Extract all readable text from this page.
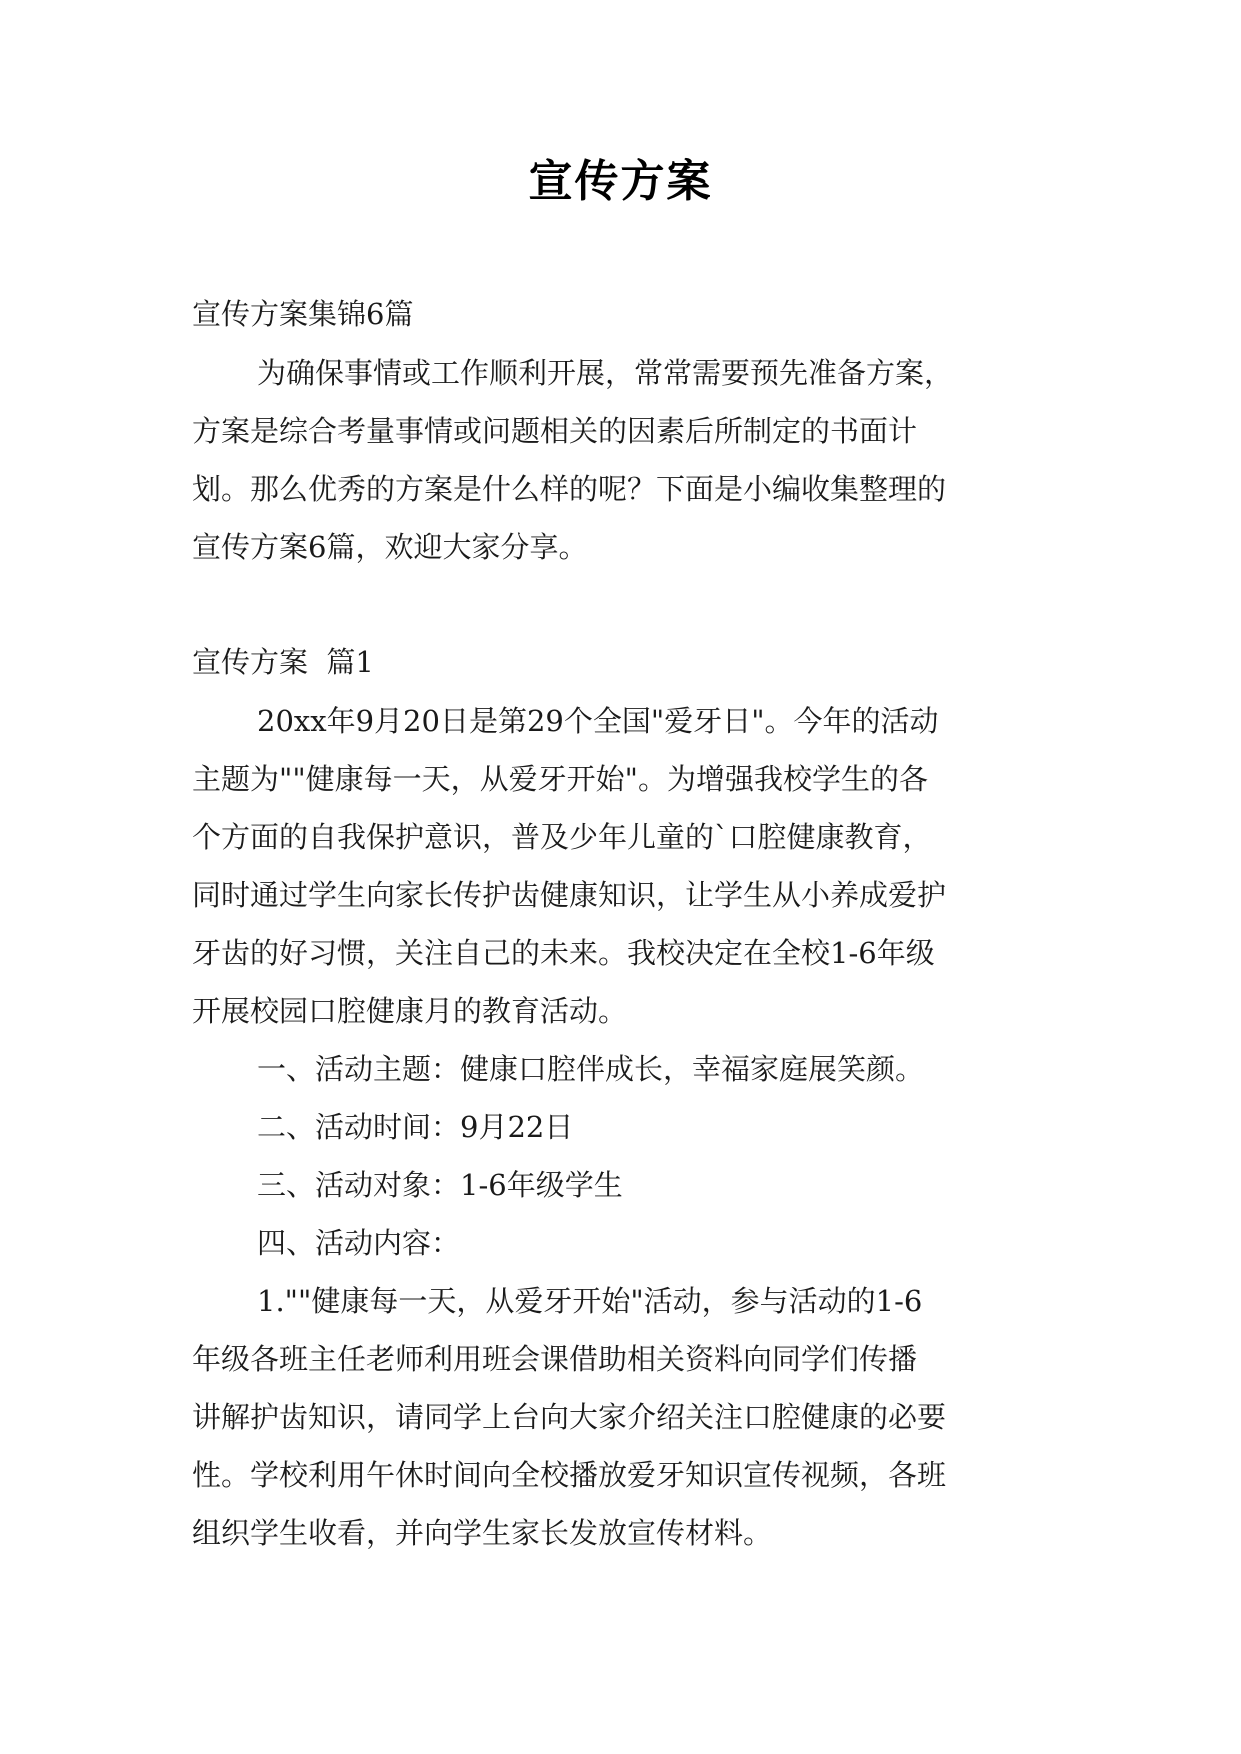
宣传方案
宣传方案集锦6篇
为确保事情或工作顺利开展，常常需要预先准备方案，
方案是综合考量事情或问题相关的因素后所制定的书面计
划。那么优秀的方案是什么样的呢？下面是小编收集整理的
宣传方案6篇，欢迎大家分享。
宣传方案  篇1
20xx年9月20日是第29个全国"爱牙日"。今年的活动
主题为""健康每一天，从爱牙开始"。为增强我校学生的各
个方面的自我保护意识，普及少年儿童的`口腔健康教育，
同时通过学生向家长传护齿健康知识，让学生从小养成爱护
牙齿的好习惯，关注自己的未来。我校决定在全校1-6年级
开展校园口腔健康月的教育活动。
一、活动主题：健康口腔伴成长，幸福家庭展笑颜。
二、活动时间：9月22日
三、活动对象：1-6年级学生
四、活动内容：
1.""健康每一天，从爱牙开始"活动，参与活动的1-6
年级各班主任老师利用班会课借助相关资料向同学们传播
讲解护齿知识，请同学上台向大家介绍关注口腔健康的必要
性。学校利用午休时间向全校播放爱牙知识宣传视频，各班
组织学生收看，并向学生家长发放宣传材料。
